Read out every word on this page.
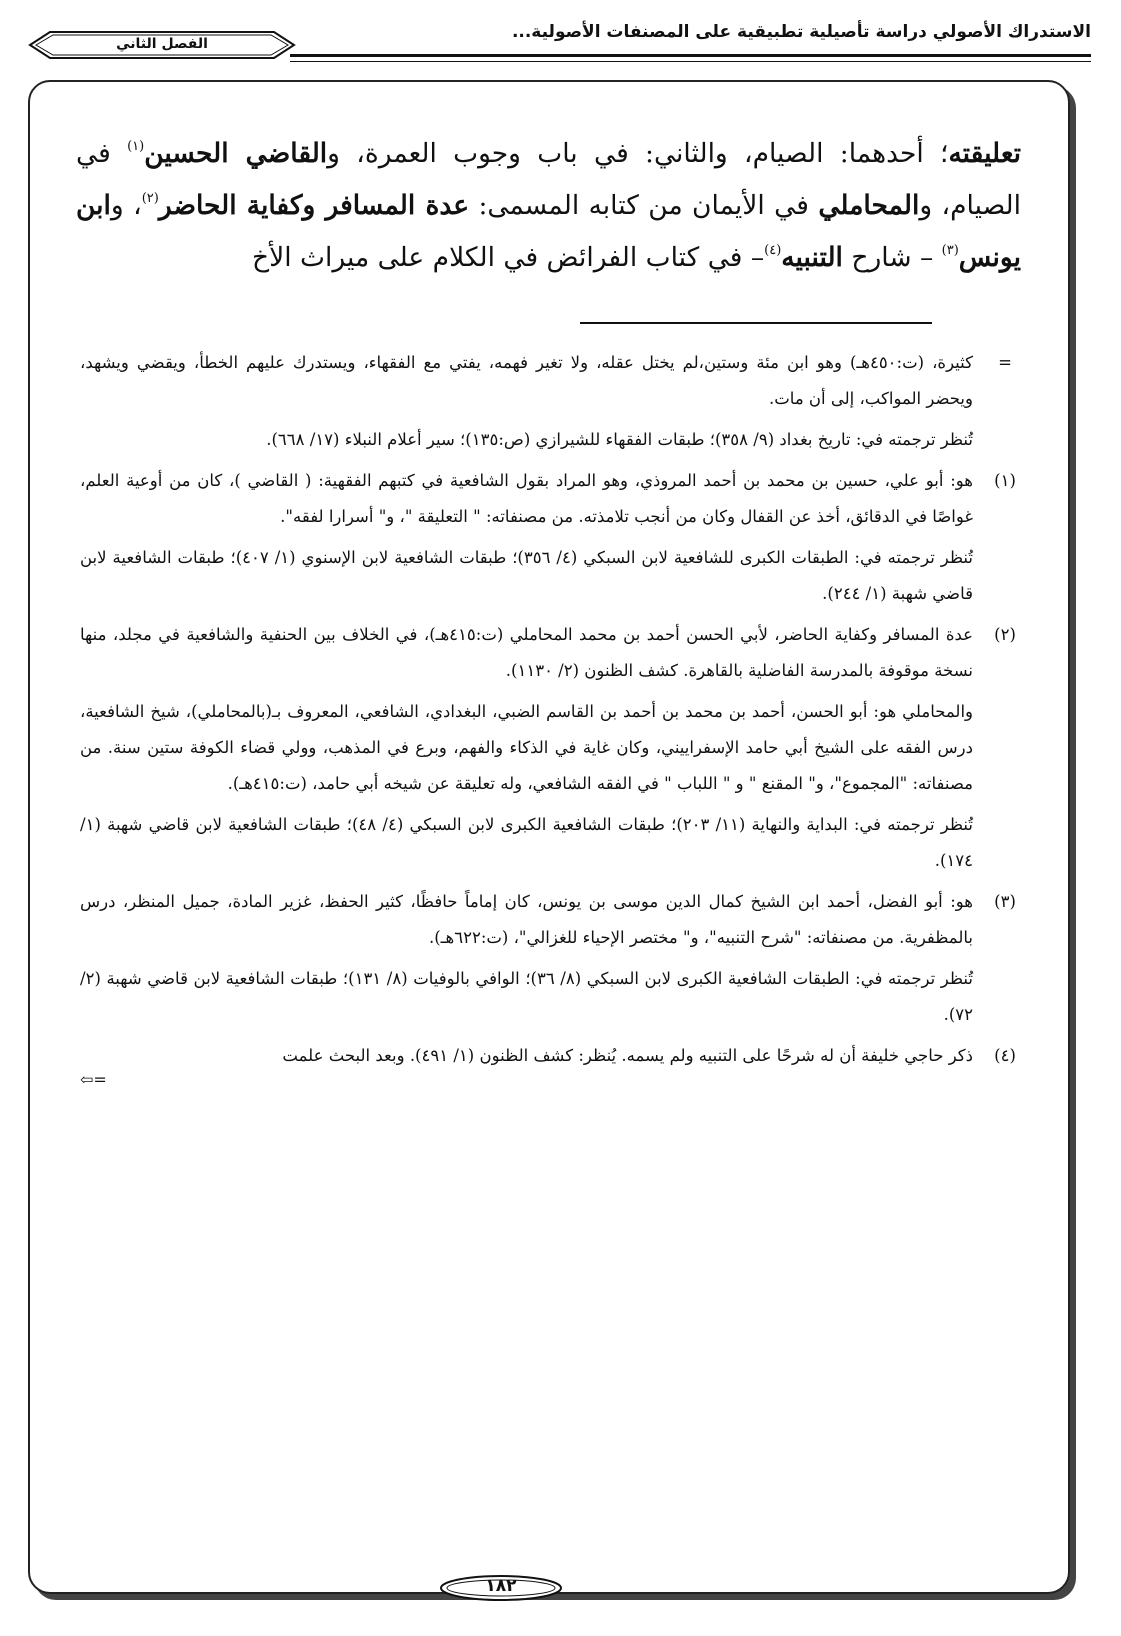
الاستدراك الأصولي دراسة تأصيلية تطبيقية على المصنفات الأصولية...
الفصل الثاني
تعليقته؛ أحدهما: الصيام، والثاني: في باب وجوب العمرة، والقاضي الحسين$^{(١)}$ في الصيام، والمحاملي في الأيمان من كتابه المسمى: عدة المسافر وكفاية الحاضر$^{(٢)}$، وابن يونس$^{(٣)}$ – شارح التنبيه$^{(٤)}$– في كتاب الفرائض في الكلام على ميراث الأخ
=

كثيرة، (ت:٤٥٠هـ) وهو ابن مئة وستين،لم يختل عقله، ولا تغير فهمه، يفتي مع الفقهاء، ويستدرك عليهم الخطأ، ويقضي ويشهد، ويحضر المواكب، إلى أن مات.

تُنظر ترجمته في: تاريخ بغداد (٩/ ٣٥٨)؛ طبقات الفقهاء للشيرازي (ص:١٣٥)؛ سير أعلام النبلاء (١٧/ ٦٦٨).

(١)

هو: أبو علي، حسين بن محمد بن أحمد المروذي، وهو المراد بقول الشافعية في كتبهم الفقهية: ( القاضي )، كان من أوعية العلم، غواصًا في الدقائق، أخذ عن القفال وكان من أنجب تلامذته. من مصنفاته: " التعليقة "، و" أسرارا لفقه".

تُنظر ترجمته في: الطبقات الكبرى للشافعية لابن السبكي (٤/ ٣٥٦)؛ طبقات الشافعية لابن الإسنوي (١/ ٤٠٧)؛ طبقات الشافعية لابن قاضي شهبة (١/ ٢٤٤).

(٢)

عدة المسافر وكفاية الحاضر، لأبي الحسن أحمد بن محمد المحاملي (ت:٤١٥هـ)، في الخلاف بين الحنفية والشافعية في مجلد، منها نسخة موقوفة بالمدرسة الفاضلية بالقاهرة. كشف الظنون (٢/ ١١٣٠).

والمحاملي هو: أبو الحسن، أحمد بن محمد بن أحمد بن القاسم الضبي، البغدادي، الشافعي، المعروف بـ(بالمحاملي)، شيخ الشافعية، درس الفقه على الشيخ أبي حامد الإسفراييني، وكان غاية في الذكاء والفهم، وبرع في المذهب، وولي قضاء الكوفة ستين سنة. من مصنفاته: "المجموع"، و" المقنع " و " اللباب " في الفقه الشافعي، وله تعليقة عن شيخه أبي حامد، (ت:٤١٥هـ).

تُنظر ترجمته في: البداية والنهاية (١١/ ٢٠٣)؛ طبقات الشافعية الكبرى لابن السبكي (٤/ ٤٨)؛ طبقات الشافعية لابن قاضي شهبة (١/ ١٧٤).

(٣)

هو: أبو الفضل، أحمد ابن الشيخ كمال الدين موسى بن يونس، كان إماماً حافظًا، كثير الحفظ، غزير المادة، جميل المنظر، درس بالمظفرية. من مصنفاته: "شرح التنبيه"، و" مختصر الإحياء للغزالي"، (ت:٦٢٢هـ).

تُنظر ترجمته في: الطبقات الشافعية الكبرى لابن السبكي (٨/ ٣٦)؛ الوافي بالوفيات (٨/ ١٣١)؛ طبقات الشافعية لابن قاضي شهبة (٢/ ٧٢).

(٤)

ذكر حاجي خليفة أن له شرحًا على التنبيه ولم يسمه. يُنظر: كشف الظنون (١/ ٤٩١). وبعد البحث علمت

=⇦
١٨٢
